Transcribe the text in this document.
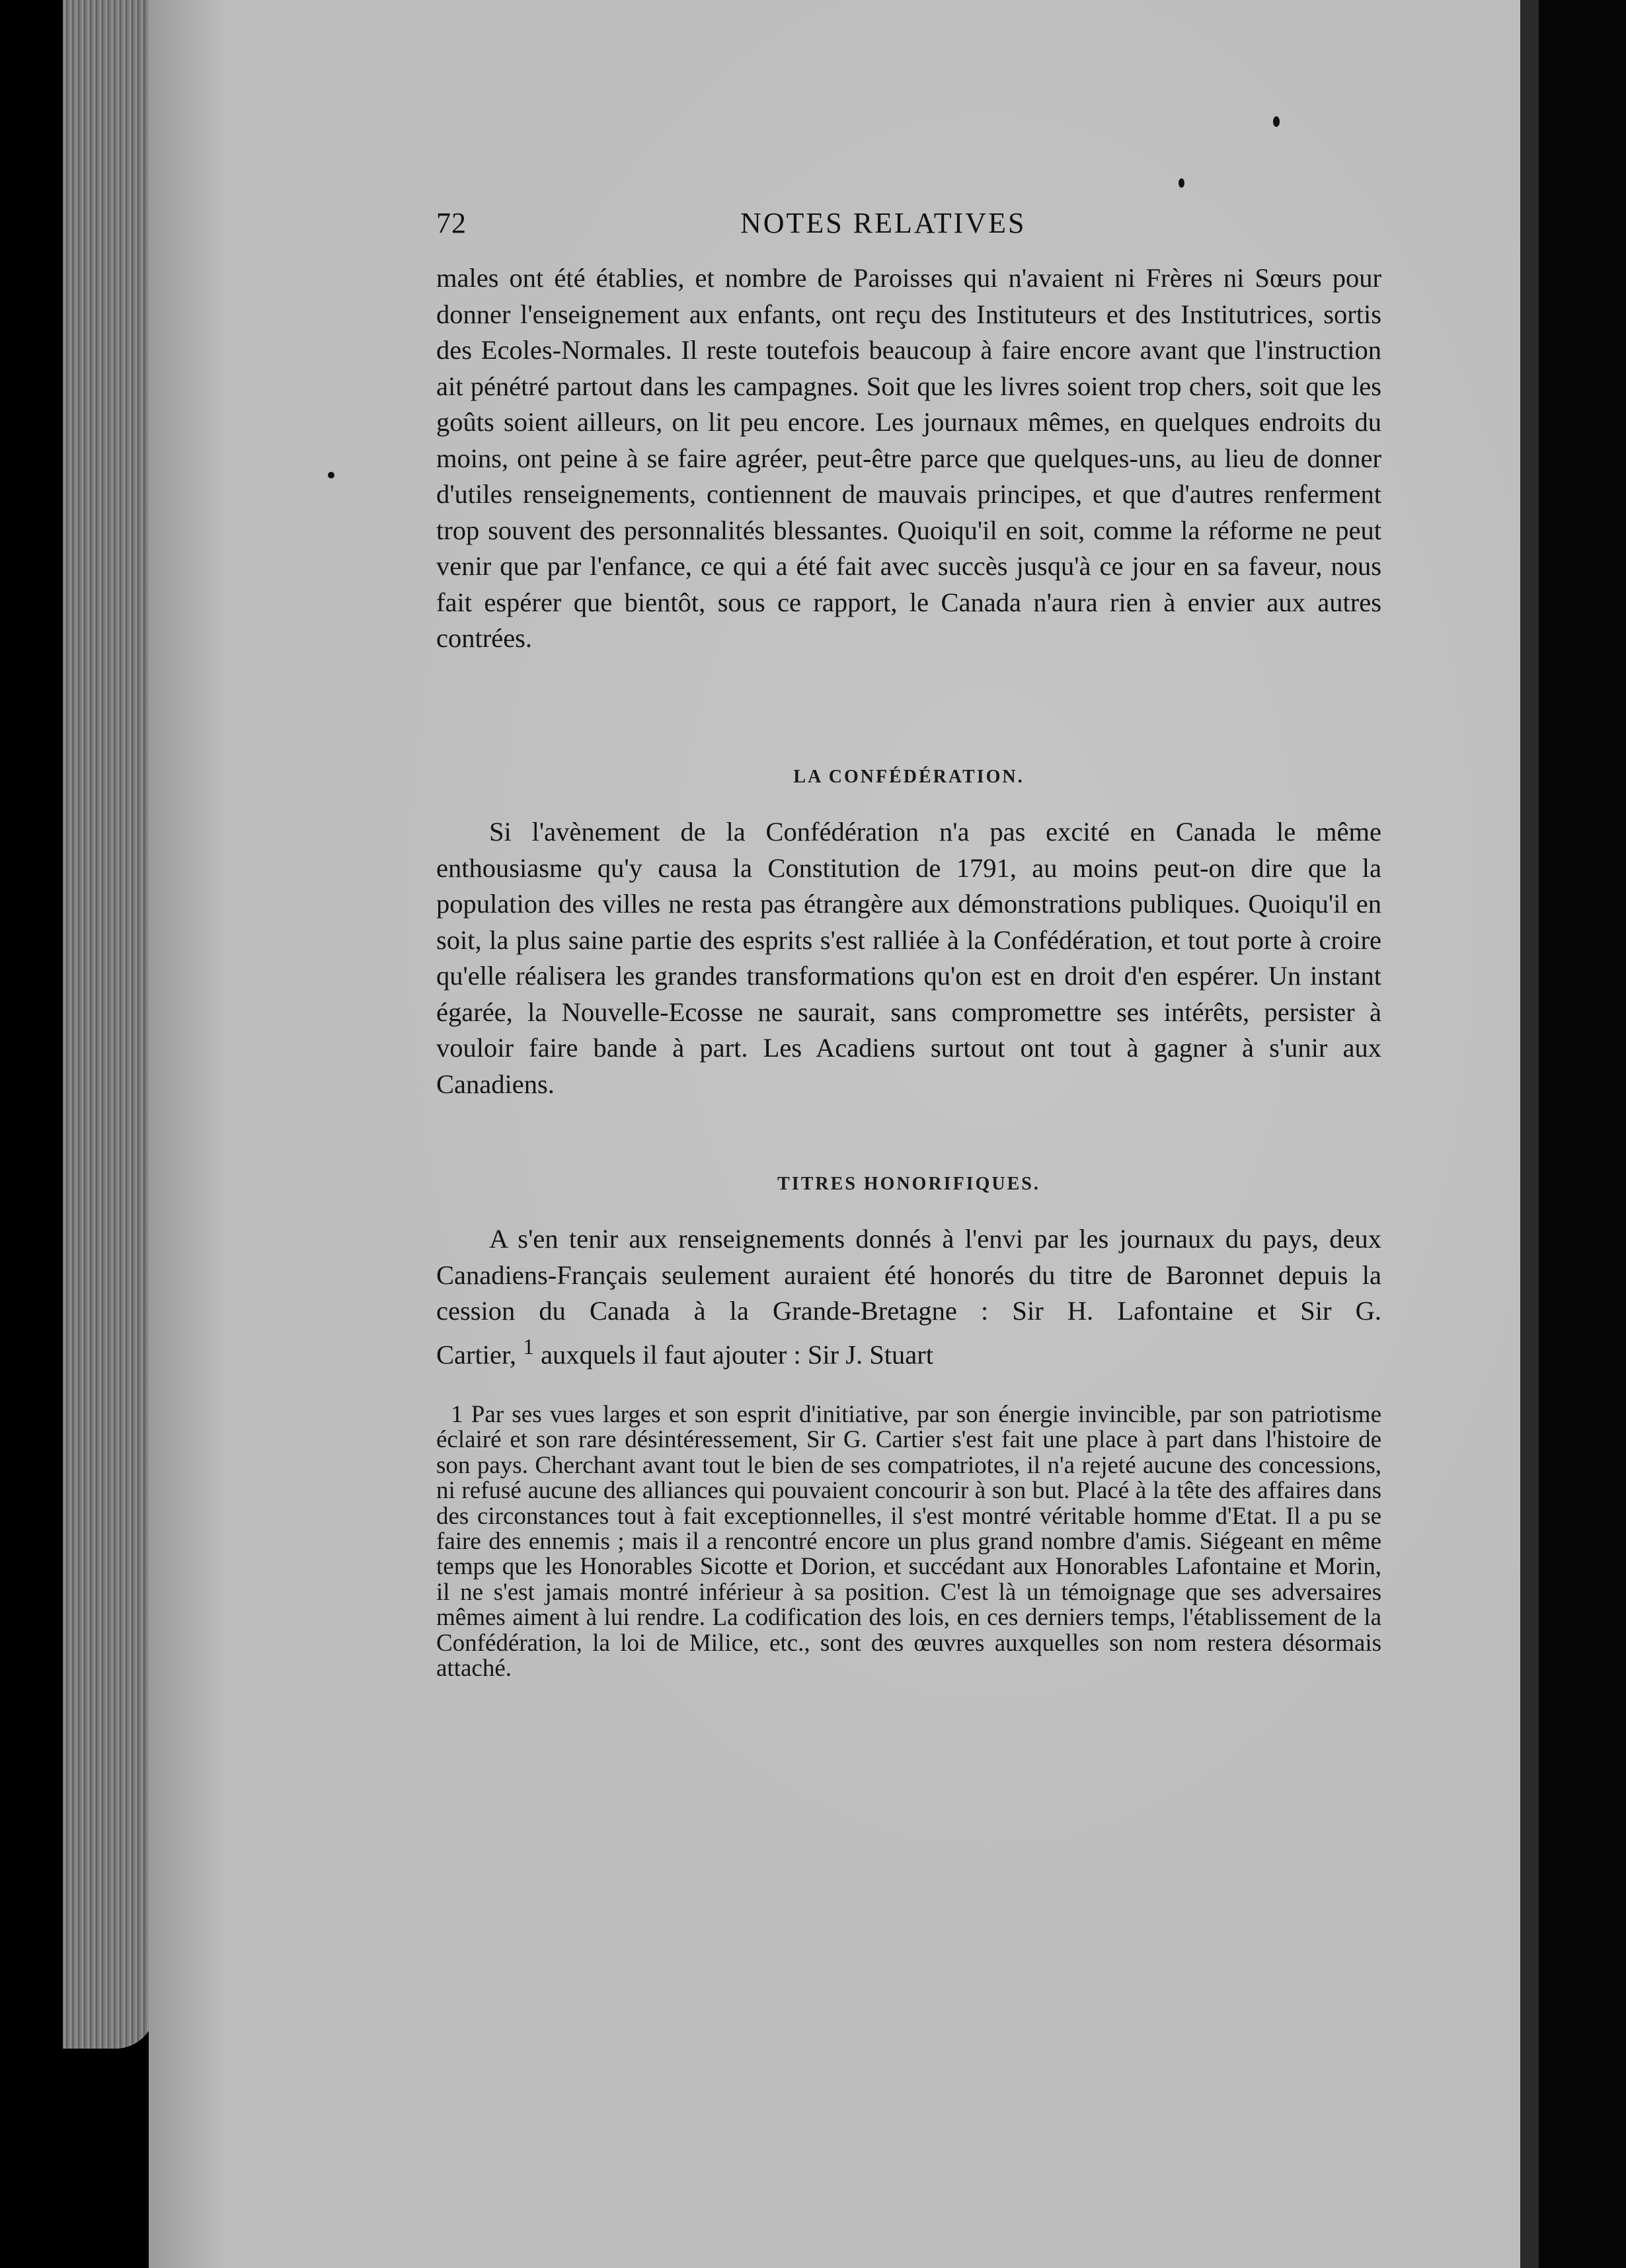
72	NOTES RELATIVES

males ont été établies, et nombre de Paroisses qui n'avaient ni Frères ni Sœurs pour donner l'enseignement aux enfants, ont reçu des Instituteurs et des Institutrices, sortis des Ecoles-Normales. Il reste toutefois beaucoup à faire encore avant que l'instruction ait pénétré partout dans les campagnes. Soit que les livres soient trop chers, soit que les goûts soient ailleurs, on lit peu encore. Les journaux mêmes, en quelques endroits du moins, ont peine à se faire agréer, peut-être parce que quelques-uns, au lieu de donner d'utiles renseignements, contiennent de mauvais principes, et que d'autres renferment trop souvent des personnalités blessantes. Quoiqu'il en soit, comme la réforme ne peut venir que par l'enfance, ce qui a été fait avec succès jusqu'à ce jour en sa faveur, nous fait espérer que bientôt, sous ce rapport, le Canada n'aura rien à envier aux autres contrées.

LA CONFÉDÉRATION.

Si l'avènement de la Confédération n'a pas excité en Canada le même enthousiasme qu'y causa la Constitution de 1791, au moins peut-on dire que la population des villes ne resta pas étrangère aux démonstrations publiques. Quoiqu'il en soit, la plus saine partie des esprits s'est ralliée à la Confédération, et tout porte à croire qu'elle réalisera les grandes transformations qu'on est en droit d'en espérer. Un instant égarée, la Nouvelle-Ecosse ne saurait, sans compromettre ses intérêts, persister à vouloir faire bande à part. Les Acadiens surtout ont tout à gagner à s'unir aux Canadiens.

TITRES HONORIFIQUES.

A s'en tenir aux renseignements donnés à l'envi par les journaux du pays, deux Canadiens-Français seulement auraient été honorés du titre de Baronnet depuis la cession du Canada à la Grande-Bretagne : Sir H. Lafontaine et Sir G. Cartier, $^1$ auxquels il faut ajouter : Sir J. Stuart

1 Par ses vues larges et son esprit d'initiative, par son énergie invincible, par son patriotisme éclairé et son rare désintéressement, Sir G. Cartier s'est fait une place à part dans l'histoire de son pays. Cherchant avant tout le bien de ses compatriotes, il n'a rejeté aucune des concessions, ni refusé aucune des alliances qui pouvaient concourir à son but. Placé à la tête des affaires dans des circonstances tout à fait exceptionnelles, il s'est montré véritable homme d'Etat. Il a pu se faire des ennemis ; mais il a rencontré encore un plus grand nombre d'amis. Siégeant en même temps que les Honorables Sicotte et Dorion, et succédant aux Honorables Lafontaine et Morin, il ne s'est jamais montré inférieur à sa position. C'est là un témoignage que ses adversaires mêmes aiment à lui rendre. La codification des lois, en ces derniers temps, l'établissement de la Confédération, la loi de Milice, etc., sont des œuvres auxquelles son nom restera désormais attaché.
